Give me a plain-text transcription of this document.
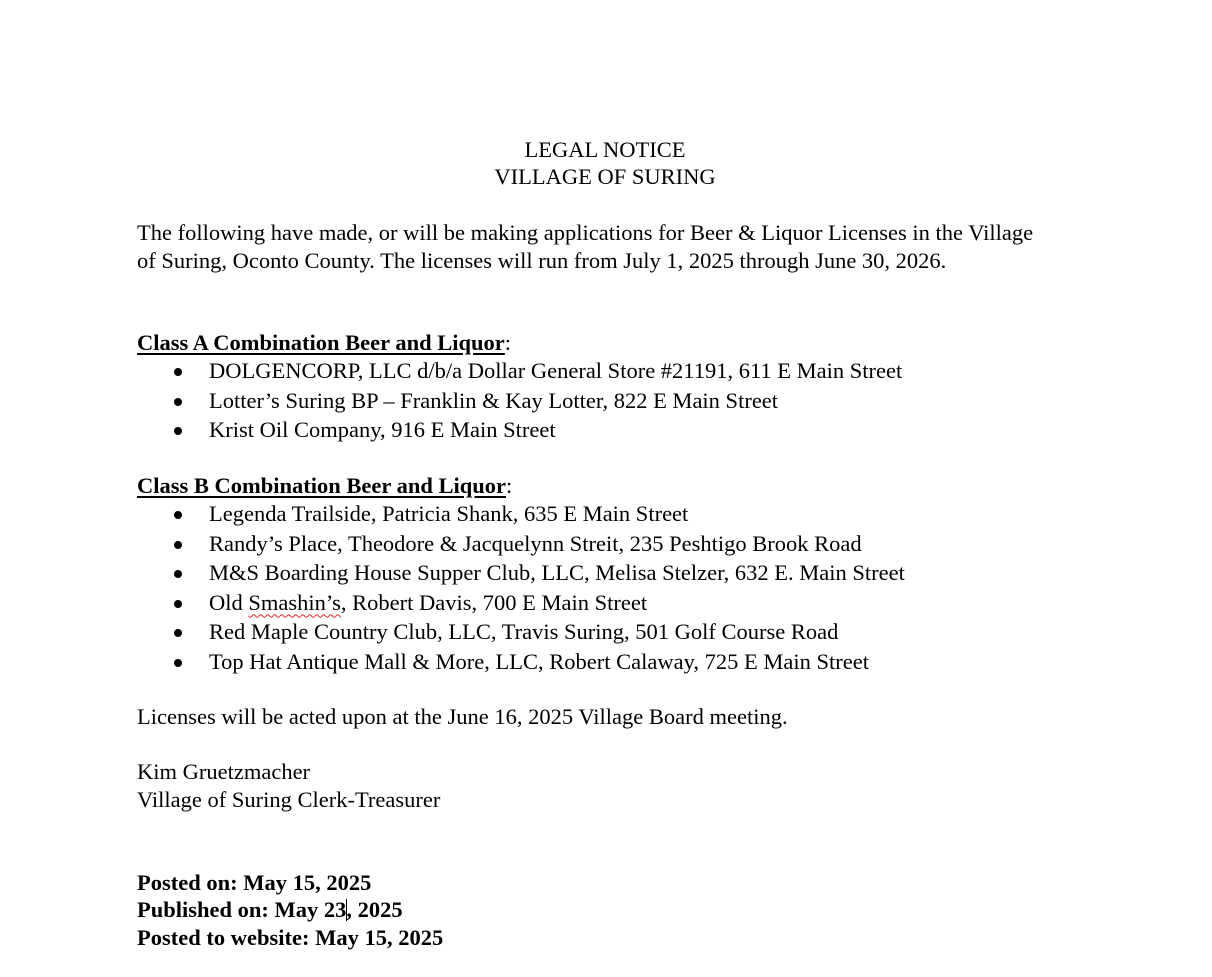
LEGAL NOTICE
VILLAGE OF SURING
The following have made, or will be making applications for Beer & Liquor Licenses in the Village of Suring, Oconto County. The licenses will run from July 1, 2025 through June 30, 2026.
Class A Combination Beer and Liquor:
DOLGENCORP, LLC d/b/a Dollar General Store #21191, 611 E Main Street
Lotter’s Suring BP – Franklin & Kay Lotter, 822 E Main Street
Krist Oil Company, 916 E Main Street
Class B Combination Beer and Liquor:
Legenda Trailside, Patricia Shank, 635 E Main Street
Randy’s Place, Theodore & Jacquelynn Streit, 235 Peshtigo Brook Road
M&S Boarding House Supper Club, LLC, Melisa Stelzer, 632 E. Main Street
Old Smashin’s, Robert Davis, 700 E Main Street
Red Maple Country Club, LLC, Travis Suring, 501 Golf Course Road
Top Hat Antique Mall & More, LLC, Robert Calaway, 725 E Main Street
Licenses will be acted upon at the June 16, 2025 Village Board meeting.
Kim Gruetzmacher
Village of Suring Clerk-Treasurer
Posted on: May 15, 2025
Published on: May 23, 2025
Posted to website: May 15, 2025
